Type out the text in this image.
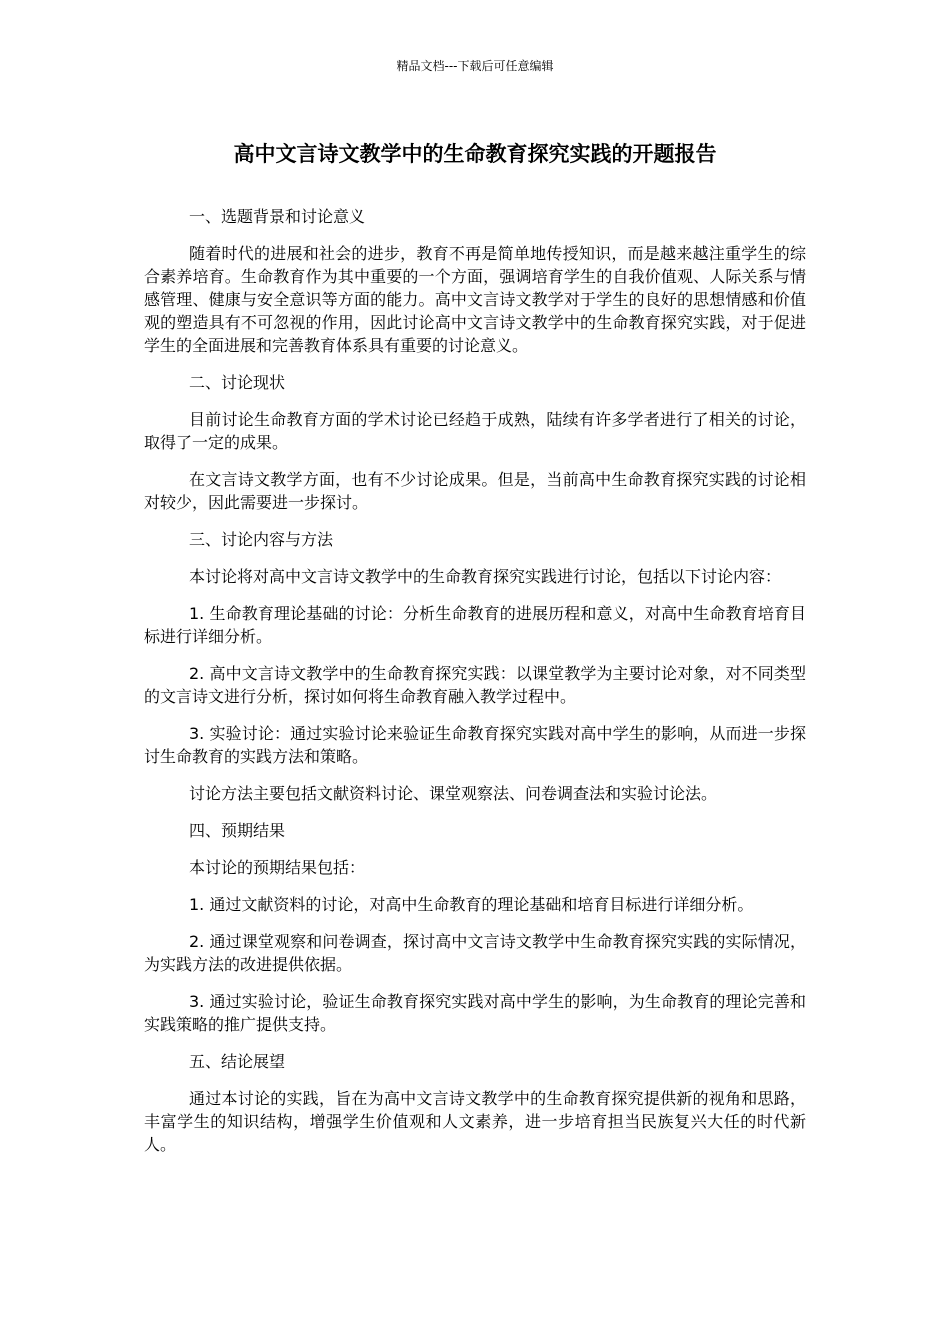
精品文档---下载后可任意编辑
高中文言诗文教学中的生命教育探究实践的开题报告

一、选题背景和讨论意义

随着时代的进展和社会的进步，教育不再是简单地传授知识，而是越来越注重学生的综合素养培育。生命教育作为其中重要的一个方面，强调培育学生的自我价值观、人际关系与情感管理、健康与安全意识等方面的能力。高中文言诗文教学对于学生的良好的思想情感和价值观的塑造具有不可忽视的作用，因此讨论高中文言诗文教学中的生命教育探究实践，对于促进学生的全面进展和完善教育体系具有重要的讨论意义。

二、讨论现状

目前讨论生命教育方面的学术讨论已经趋于成熟，陆续有许多学者进行了相关的讨论，取得了一定的成果。

在文言诗文教学方面，也有不少讨论成果。但是，当前高中生命教育探究实践的讨论相对较少，因此需要进一步探讨。

三、讨论内容与方法

本讨论将对高中文言诗文教学中的生命教育探究实践进行讨论，包括以下讨论内容：

1. 生命教育理论基础的讨论：分析生命教育的进展历程和意义，对高中生命教育培育目标进行详细分析。

2. 高中文言诗文教学中的生命教育探究实践：以课堂教学为主要讨论对象，对不同类型的文言诗文进行分析，探讨如何将生命教育融入教学过程中。

3. 实验讨论：通过实验讨论来验证生命教育探究实践对高中学生的影响，从而进一步探讨生命教育的实践方法和策略。

讨论方法主要包括文献资料讨论、课堂观察法、问卷调查法和实验讨论法。

四、预期结果

本讨论的预期结果包括：

1. 通过文献资料的讨论，对高中生命教育的理论基础和培育目标进行详细分析。

2. 通过课堂观察和问卷调查，探讨高中文言诗文教学中生命教育探究实践的实际情况，为实践方法的改进提供依据。

3. 通过实验讨论，验证生命教育探究实践对高中学生的影响，为生命教育的理论完善和实践策略的推广提供支持。

五、结论展望

通过本讨论的实践，旨在为高中文言诗文教学中的生命教育探究提供新的视角和思路，丰富学生的知识结构，增强学生价值观和人文素养，进一步培育担当民族复兴大任的时代新人。
